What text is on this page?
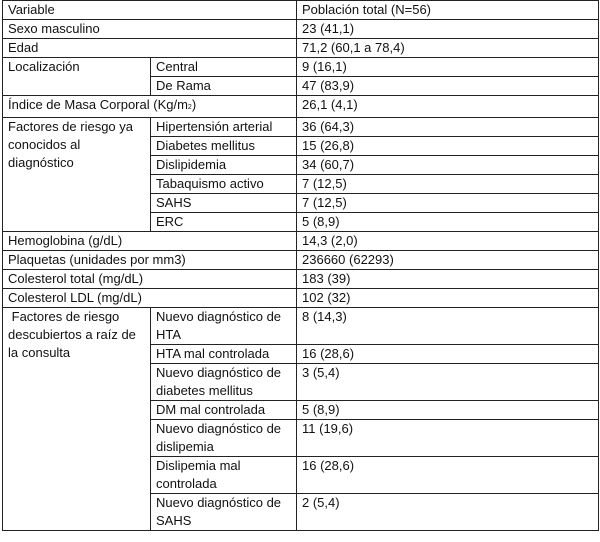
Variable		Población total (N=56)
Sexo masculino		23 (41,1)
Edad		71,2 (60,1 a 78,4)
Localización	Central	9 (16,1)
	De Rama	47 (83,9)
Índice de Masa Corporal (Kg/m2)		26,1 (4,1)
Factores de riesgo ya conocidos al diagnóstico	Hipertensión arterial	36 (64,3)
	Diabetes mellitus	15 (26,8)
	Dislipidemia	34 (60,7)
	Tabaquismo activo	7 (12,5)
	SAHS	7 (12,5)
	ERC	5 (8,9)
Hemoglobina (g/dL)		14,3 (2,0)
Plaquetas (unidades por mm3)		236660 (62293)
Colesterol total (mg/dL)		183 (39)
Colesterol LDL (mg/dL)		102 (32)
Factores de riesgo descubiertos a raíz de la consulta	Nuevo diagnóstico de HTA	8 (14,3)
	HTA mal controlada	16 (28,6)
	Nuevo diagnóstico de diabetes mellitus	3 (5,4)
	DM mal controlada	5 (8,9)
	Nuevo diagnóstico de dislipemia	11 (19,6)
	Dislipemia mal controlada	16 (28,6)
	Nuevo diagnóstico de SAHS	2 (5,4)
